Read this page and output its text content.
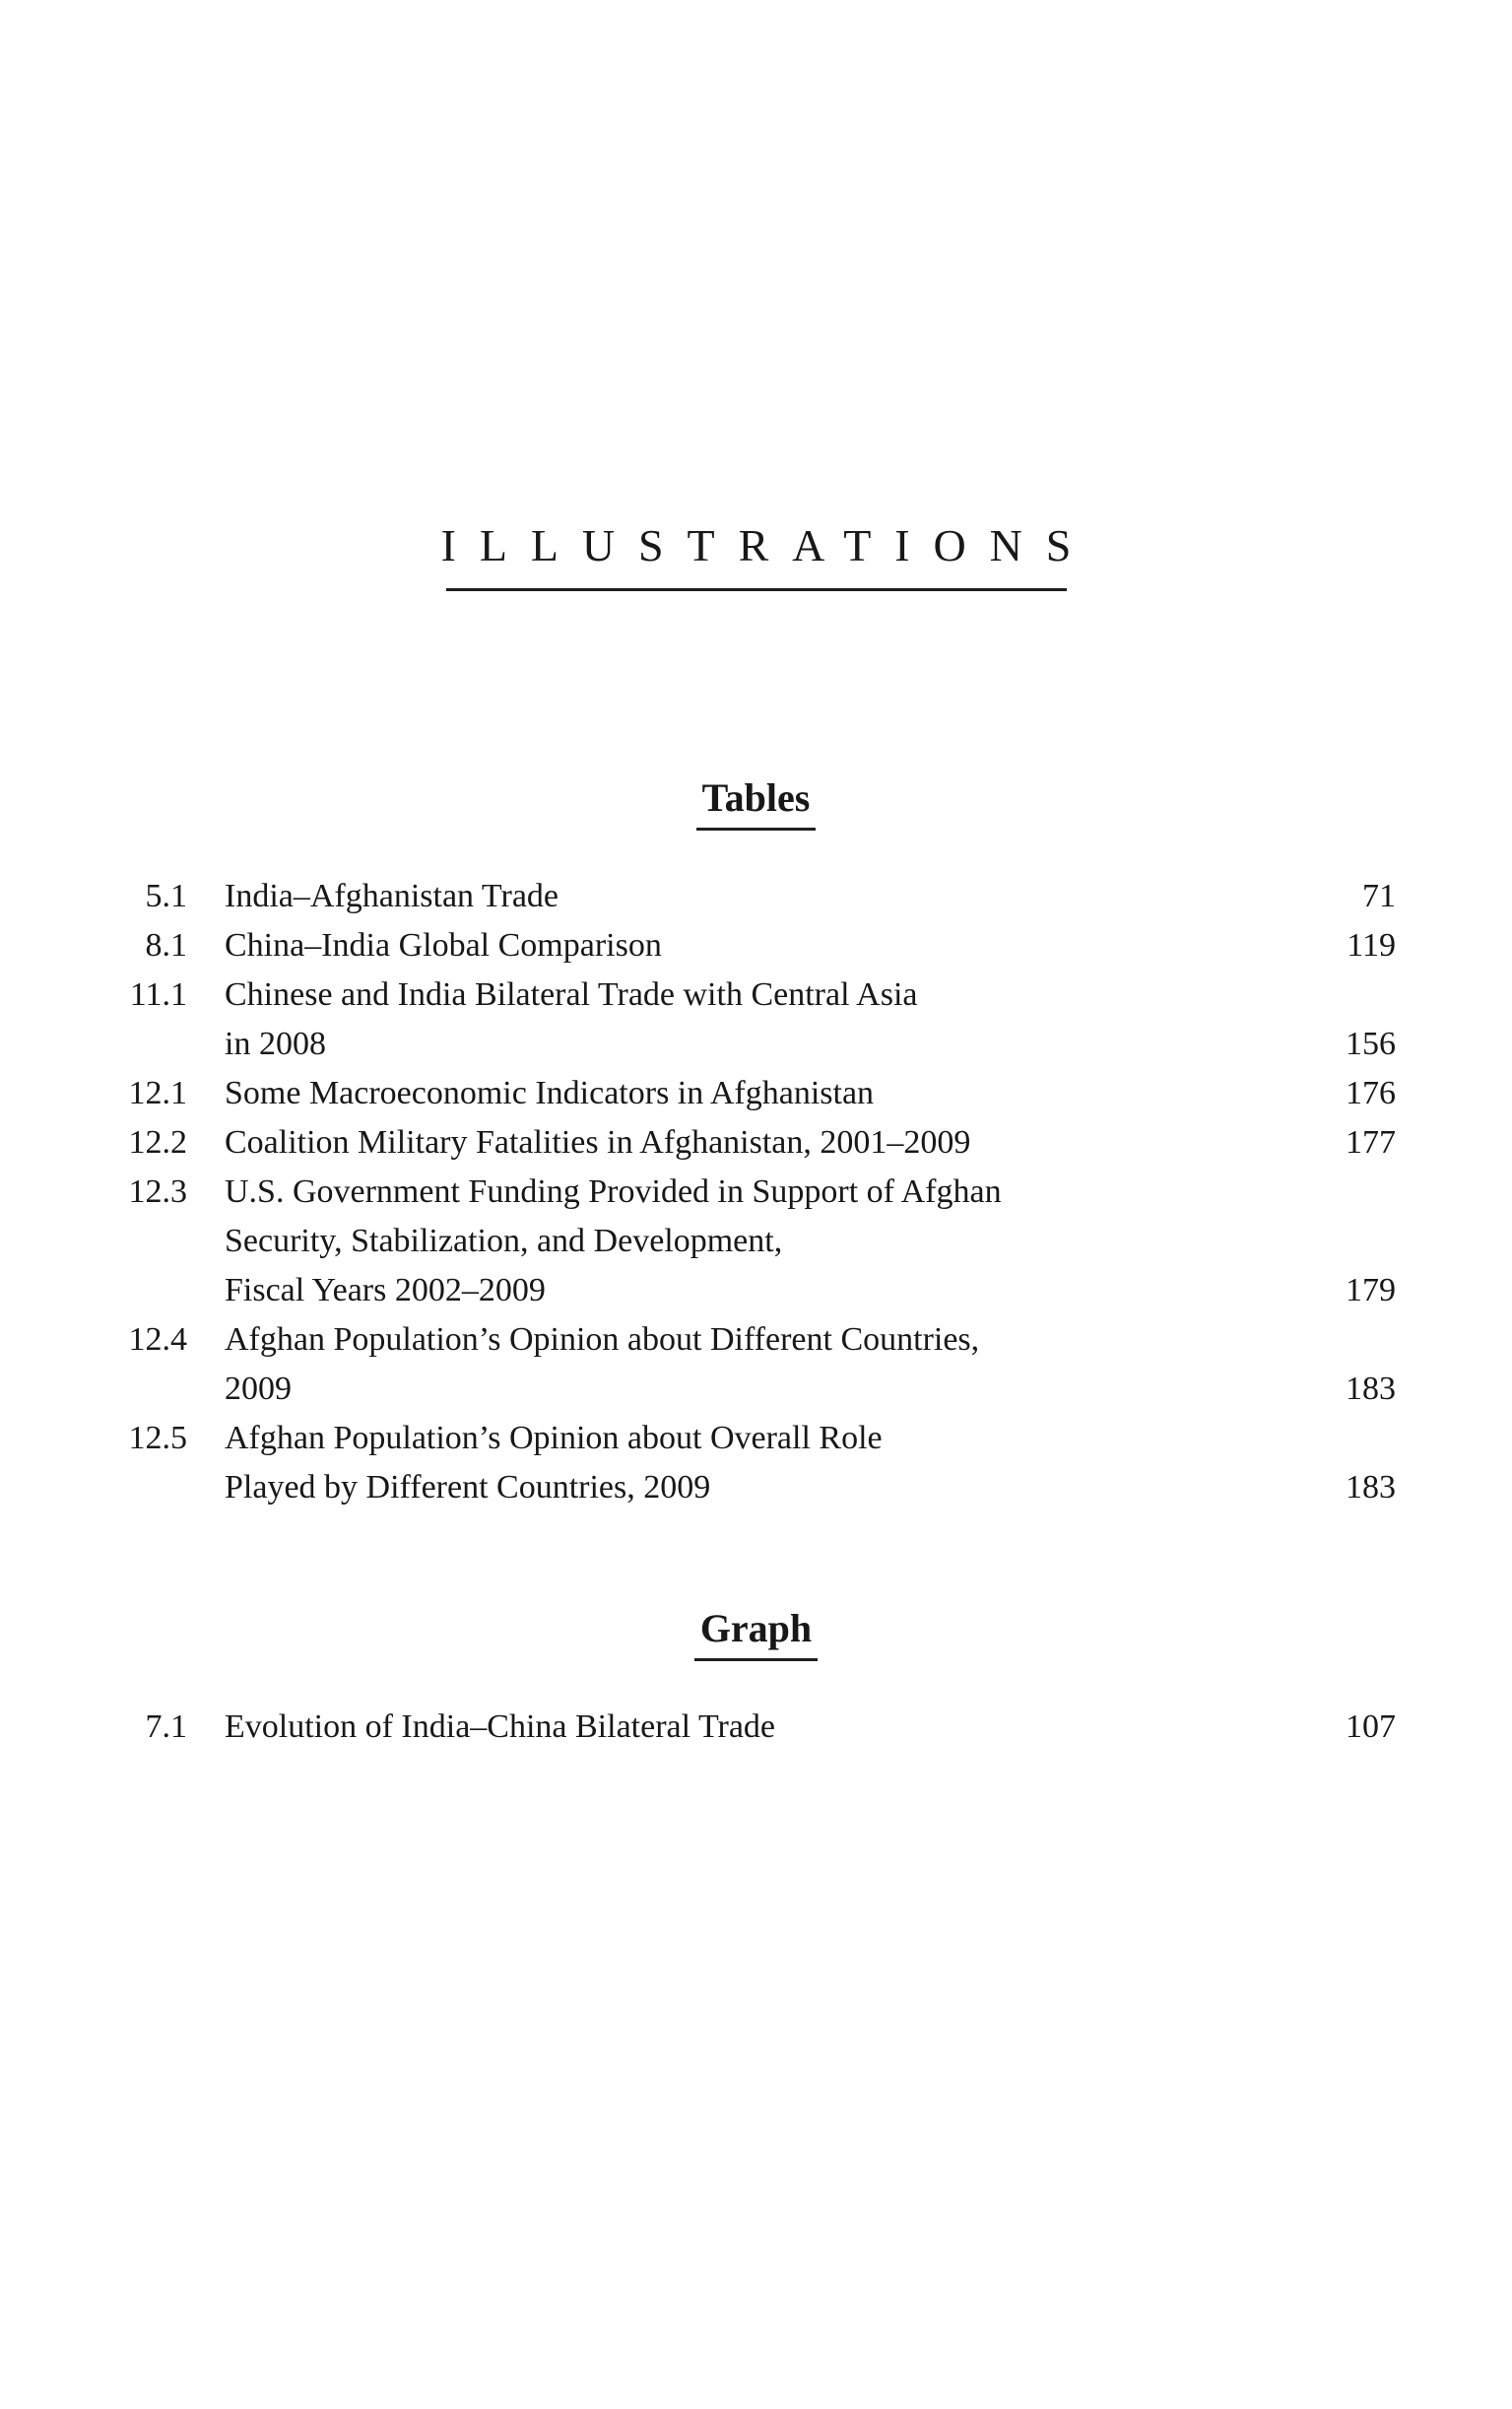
ILLUSTRATIONS
Tables
5.1 India–Afghanistan Trade	71
8.1 China–India Global Comparison	119
11.1 Chinese and India Bilateral Trade with Central Asia
in 2008	156
12.1 Some Macroeconomic Indicators in Afghanistan	176
12.2 Coalition Military Fatalities in Afghanistan, 2001–2009	177
12.3 U.S. Government Funding Provided in Support of Afghan
Security, Stabilization, and Development,
Fiscal Years 2002–2009	179
12.4 Afghan Population’s Opinion about Different Countries,
2009	183
12.5 Afghan Population’s Opinion about Overall Role
Played by Different Countries, 2009	183
Graph
7.1 Evolution of India–China Bilateral Trade	107
